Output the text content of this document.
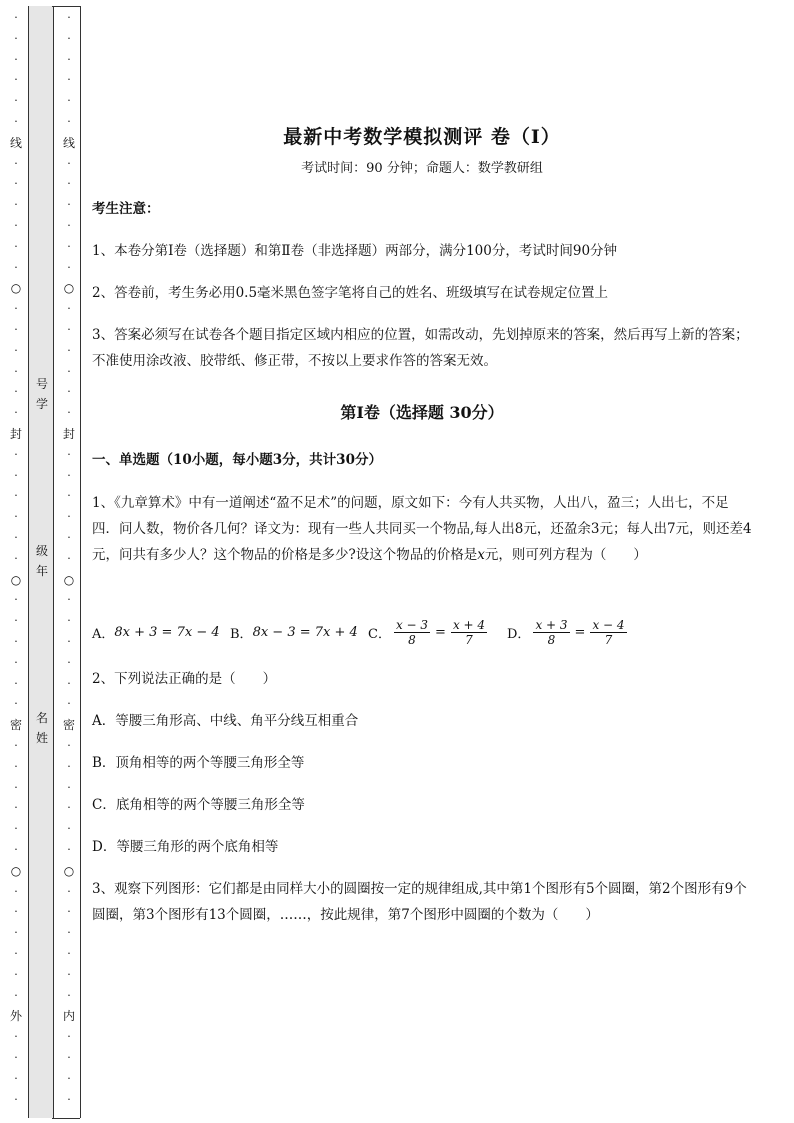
·
·
·
·
·
·
线
·
·
·
·
·
·
○
·
·
·
·
·
·
封
·
·
·
·
·
·
○
·
·
·
·
·
·
密
·
·
·
·
·
·
○
·
·
·
·
·
·
外
·
·
·
·
·
·
·
·
·
·
线
·
·
·
·
·
·
○
·
·
·
·
·
·
封
·
·
·
·
·
·
○
·
·
·
·
·
·
密
·
·
·
·
·
·
○
·
·
·
·
·
·
内
·
·
·
·
号
学
级
年
名
姓
最新中考数学模拟测评 卷（Ⅰ）
考试时间：90 分钟；命题人：数学教研组
考生注意：
1、本卷分第Ⅰ卷（选择题）和第Ⅱ卷（非选择题）两部分，满分100分，考试时间90分钟
2、答卷前，考生务必用0.5毫米黑色签字笔将自己的姓名、班级填写在试卷规定位置上
3、答案必须写在试卷各个题目指定区域内相应的位置，如需改动，先划掉原来的答案，然后再写上新的答案；不准使用涂改液、胶带纸、修正带，不按以上要求作答的答案无效。
第Ⅰ卷（选择题 30分）
一、单选题（10小题，每小题3分，共计30分）
1、《九章算术》中有一道阐述“盈不足术”的问题，原文如下：今有人共买物，人出八，盈三；人出七，不足四．问人数，物价各几何？译文为：现有一些人共同买一个物品,每人出8元，还盈余3元；每人出7元，则还差4元，问共有多少人？这个物品的价格是多少?设这个物品的价格是x元，则可列方程为（　　）
A． 8x + 3 = 7x − 4 B． 8x − 3 = 7x + 4 C． $\frac{x - 3}{8} = \frac{x + 4}{7}$ D． $\frac{x + 3}{8} = \frac{x - 4}{7}$
2、下列说法正确的是（　　）
A．等腰三角形高、中线、角平分线互相重合
B．顶角相等的两个等腰三角形全等
C．底角相等的两个等腰三角形全等
D．等腰三角形的两个底角相等
3、观察下列图形：它们都是由同样大小的圆圈按一定的规律组成,其中第1个图形有5个圆圈，第2个图形有9个圆圈，第3个图形有13个圆圈，……，按此规律，第7个图形中圆圈的个数为（　　）
